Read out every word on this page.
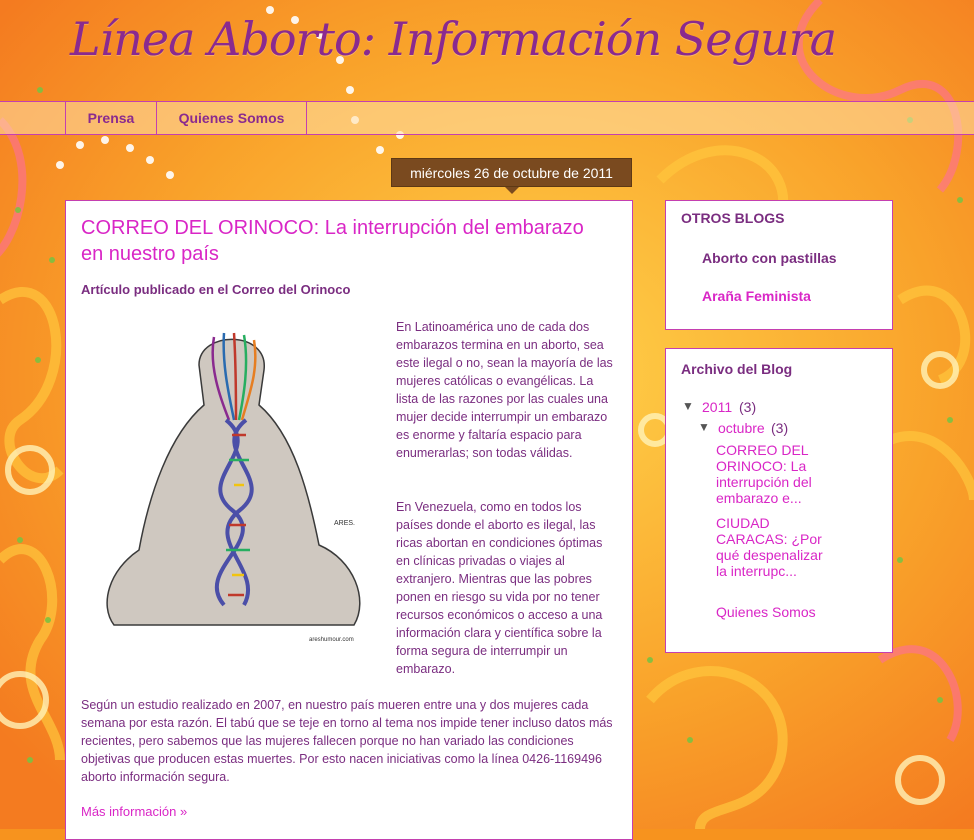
Línea Aborto: Información Segura
Prensa	Quienes Somos
miércoles 26 de octubre de 2011
CORREO DEL ORINOCO: La interrupción del embarazo en nuestro país

Artículo publicado en el Correo del Orinoco

ARES.
areshumour.com

En Latinoamérica uno de cada dos embarazos termina en un aborto, sea este ilegal o no, sean la mayoría de las mujeres católicas o evangélicas. La lista de las razones por las cuales una mujer decide interrumpir un embarazo es enorme y faltaría espacio para enumerarlas; son todas válidas.

En Venezuela, como en todos los países donde el aborto es ilegal, las ricas abortan en condiciones óptimas en clínicas privadas o viajes al extranjero. Mientras que las pobres ponen en riesgo su vida por no tener recursos económicos o acceso a una información clara y científica sobre la forma segura de interrumpir un embarazo.

Según un estudio realizado en 2007, en nuestro país mueren entre una y dos mujeres cada semana por esta razón. El tabú que se teje en torno al tema nos impide tener incluso datos más recientes, pero sabemos que las mujeres fallecen porque no han variado las condiciones objetivas que producen estas muertes. Por esto nacen iniciativas como la línea 0426-1169496 aborto información segura.

Más información »
OTROS BLOGS
Aborto con pastillas
Araña Feminista
Archivo del Blog
▼ 2011 (3)
▼ octubre (3)
CORREO DEL ORINOCO: La interrupción del embarazo e...
CIUDAD CARACAS: ¿Por qué despenalizar la interrupc...
Quienes Somos
